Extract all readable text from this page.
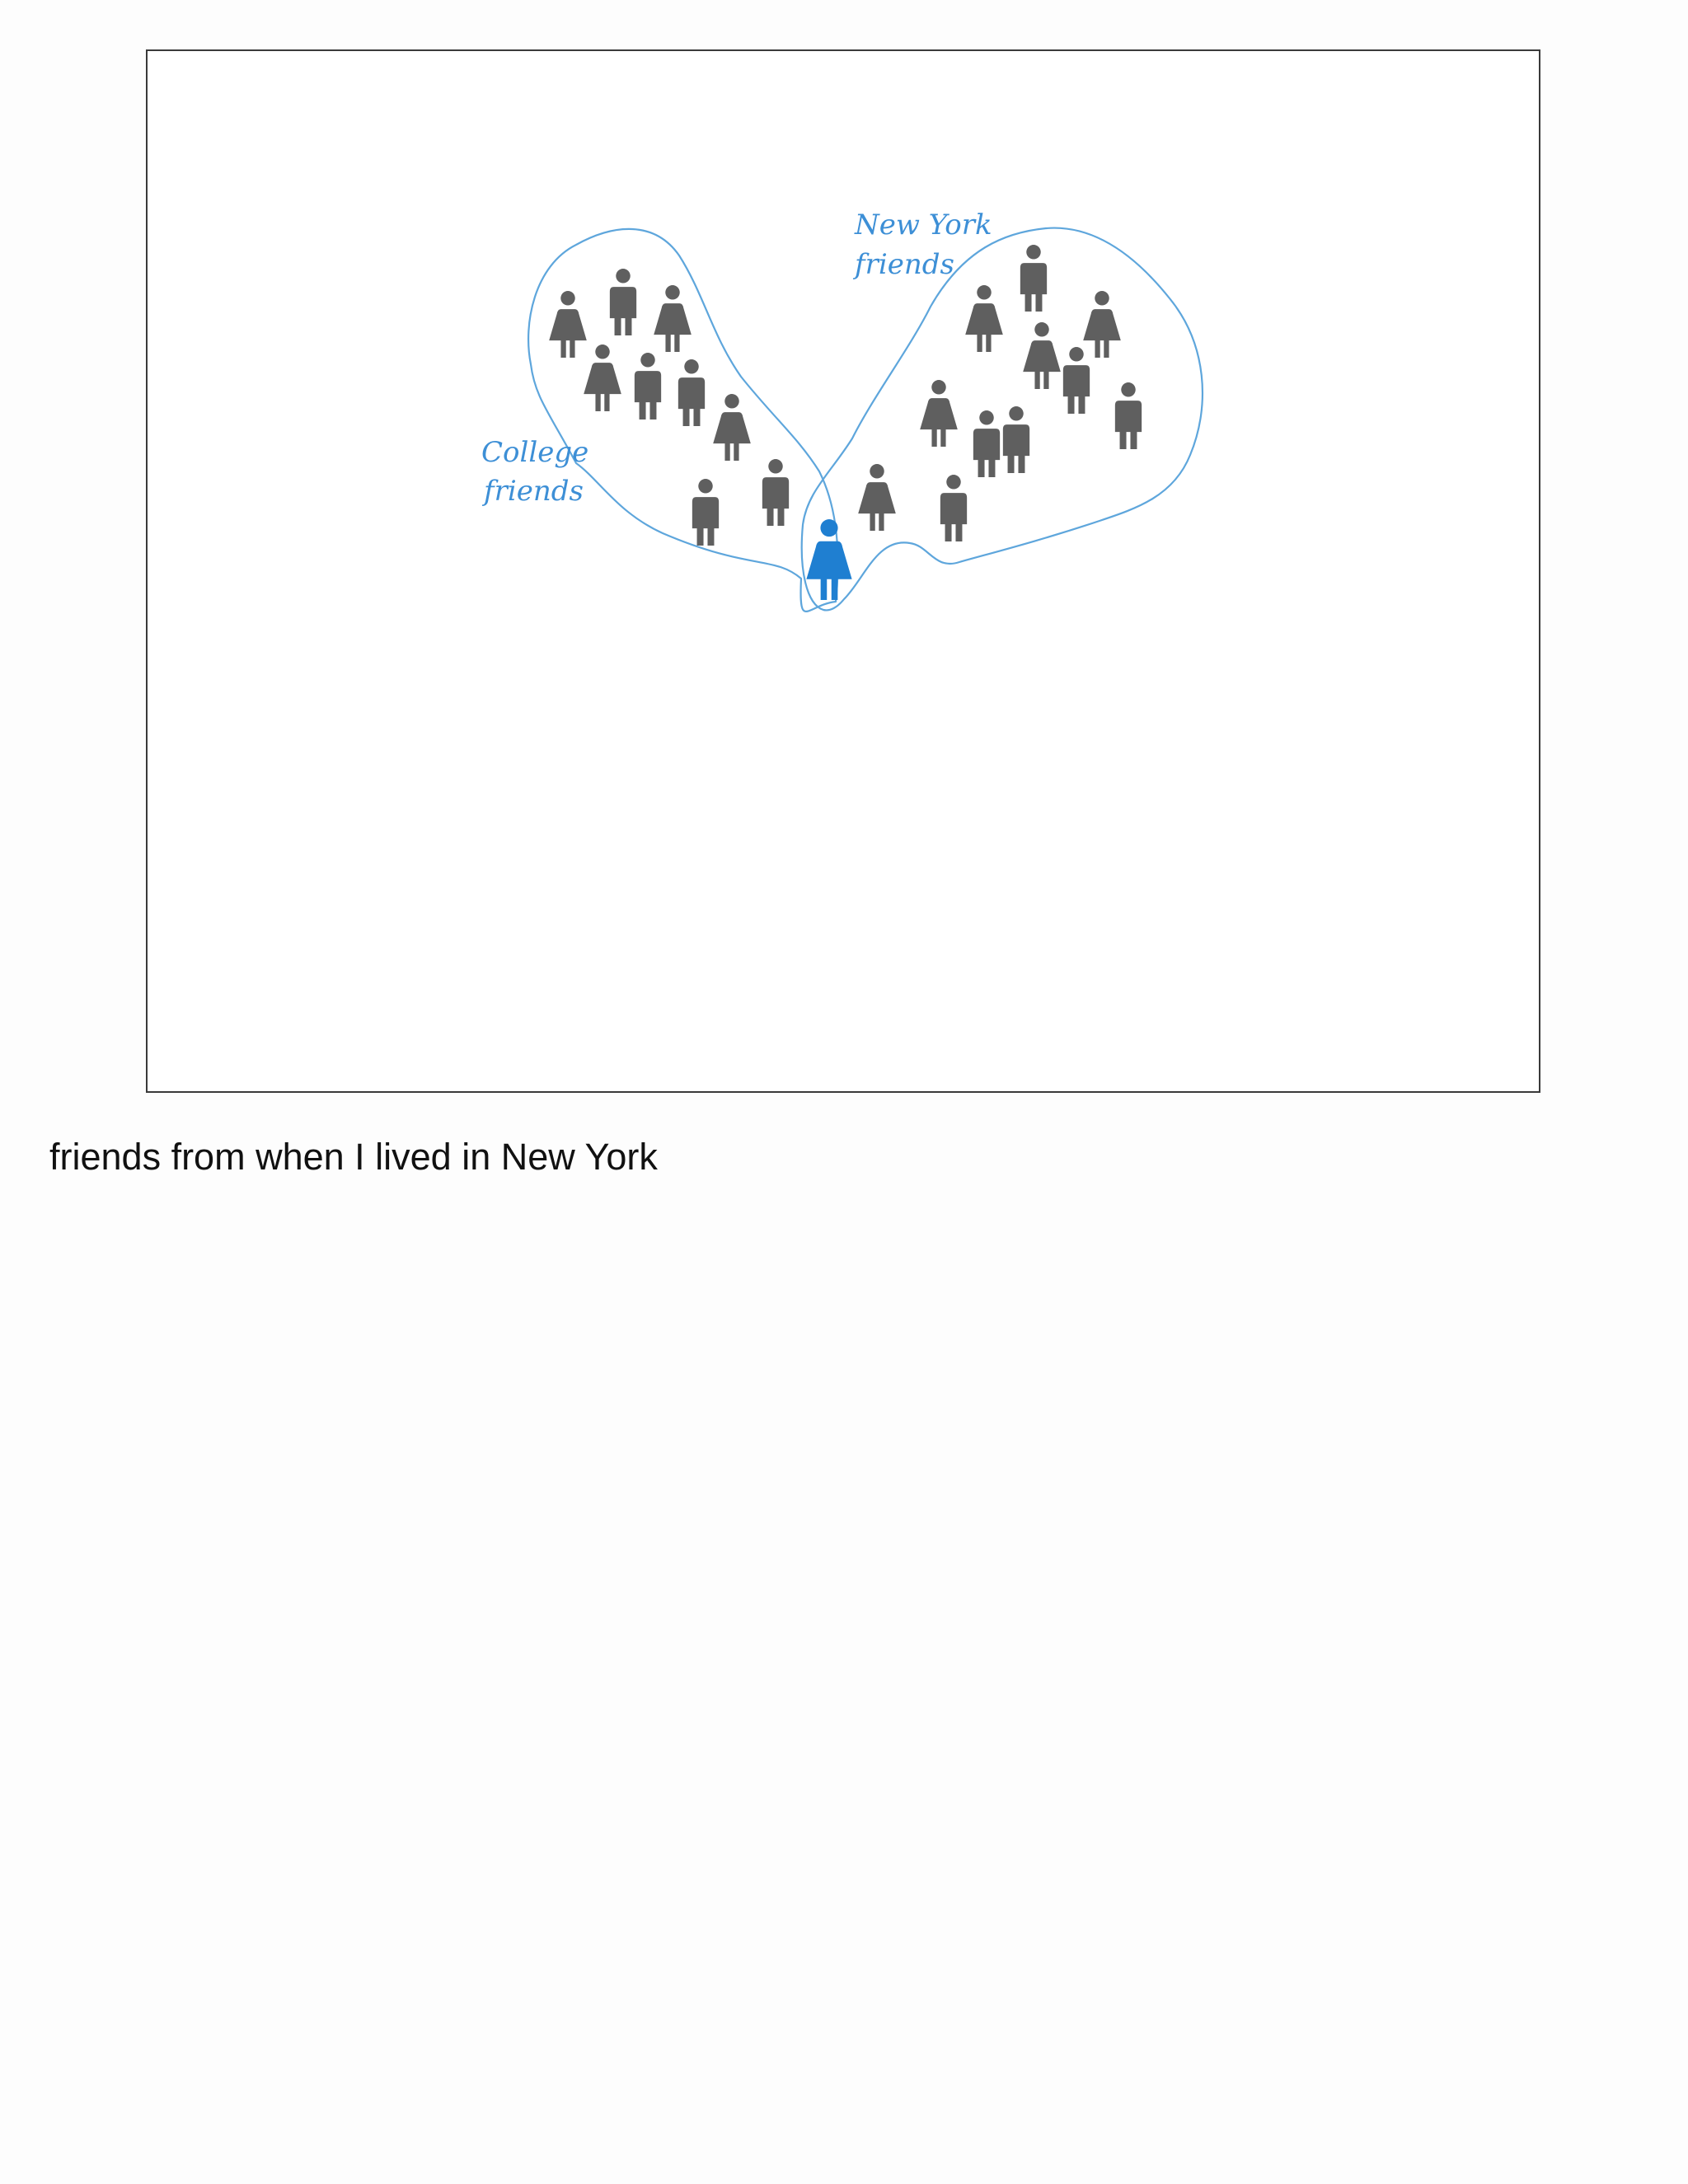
College
friends
New York
friends
friends from when I lived in New York
